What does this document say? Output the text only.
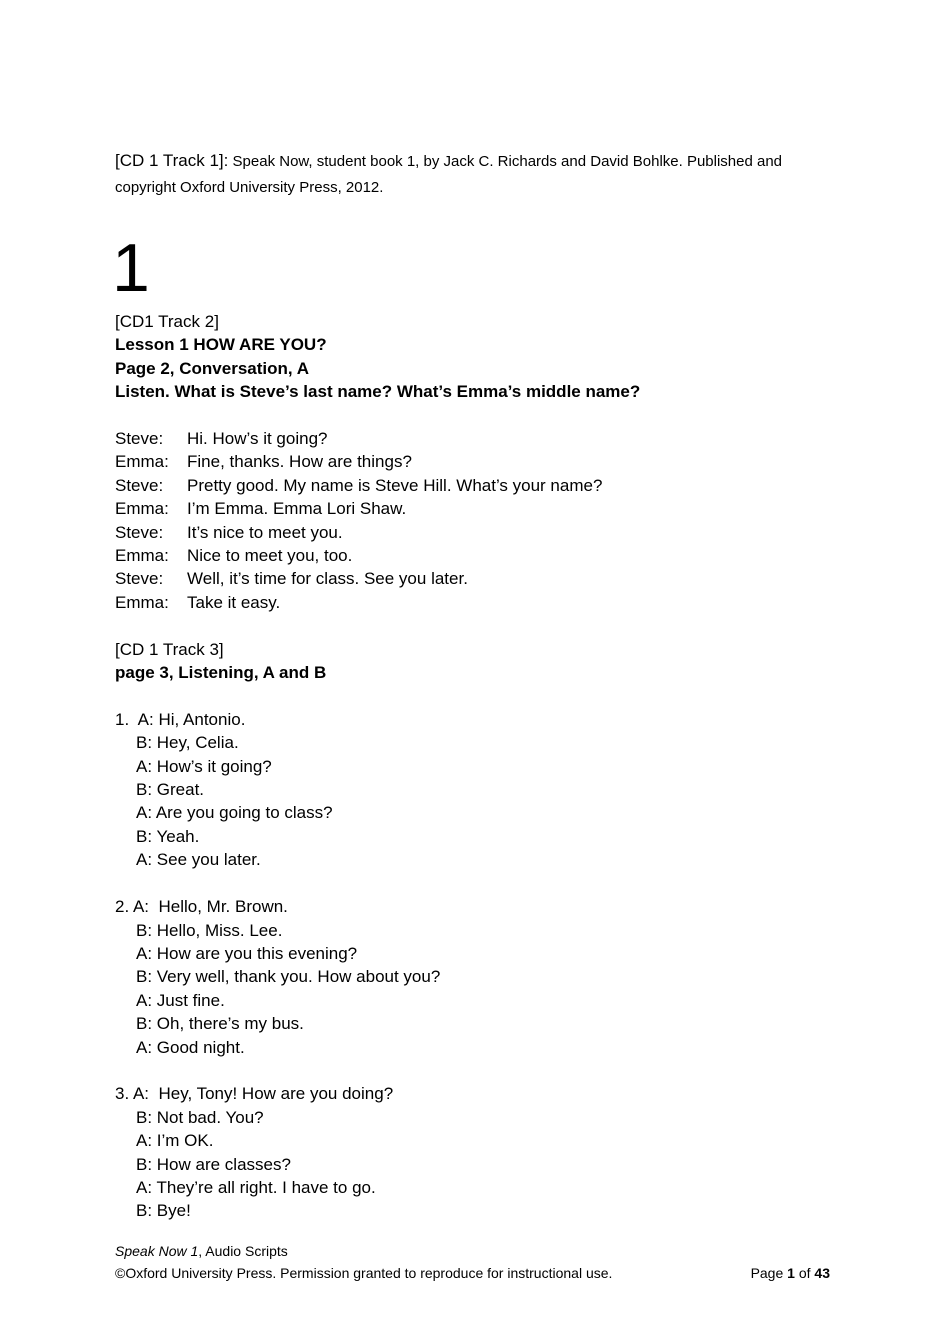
[CD 1 Track 1]: Speak Now, student book 1, by Jack C. Richards and David Bohlke. Published and copyright Oxford University Press, 2012.
1
[CD1 Track 2]
Lesson 1 HOW ARE YOU?
Page 2, Conversation, A
Listen. What is Steve’s last name? What’s Emma’s middle name?
Steve:	Hi. How’s it going?
Emma:	Fine, thanks. How are things?
Steve:	Pretty good. My name is Steve Hill. What’s your name?
Emma:	I’m Emma. Emma Lori Shaw.
Steve:	It’s nice to meet you.
Emma:	Nice to meet you, too.
Steve:	Well, it’s time for class. See you later.
Emma:	Take it easy.
[CD 1 Track 3]
page 3, Listening, A and B
1.  A: Hi, Antonio.
B: Hey, Celia.
A: How’s it going?
B: Great.
A: Are you going to class?
B: Yeah.
A: See you later.
2. A:  Hello, Mr. Brown.
B: Hello, Miss. Lee.
A: How are you this evening?
B: Very well, thank you. How about you?
A: Just fine.
B: Oh, there’s my bus.
A: Good night.
3. A:  Hey, Tony! How are you doing?
B: Not bad. You?
A: I’m OK.
B: How are classes?
A: They’re all right. I have to go.
B: Bye!
Speak Now 1, Audio Scripts
©Oxford University Press. Permission granted to reproduce for instructional use.	Page 1 of 43
